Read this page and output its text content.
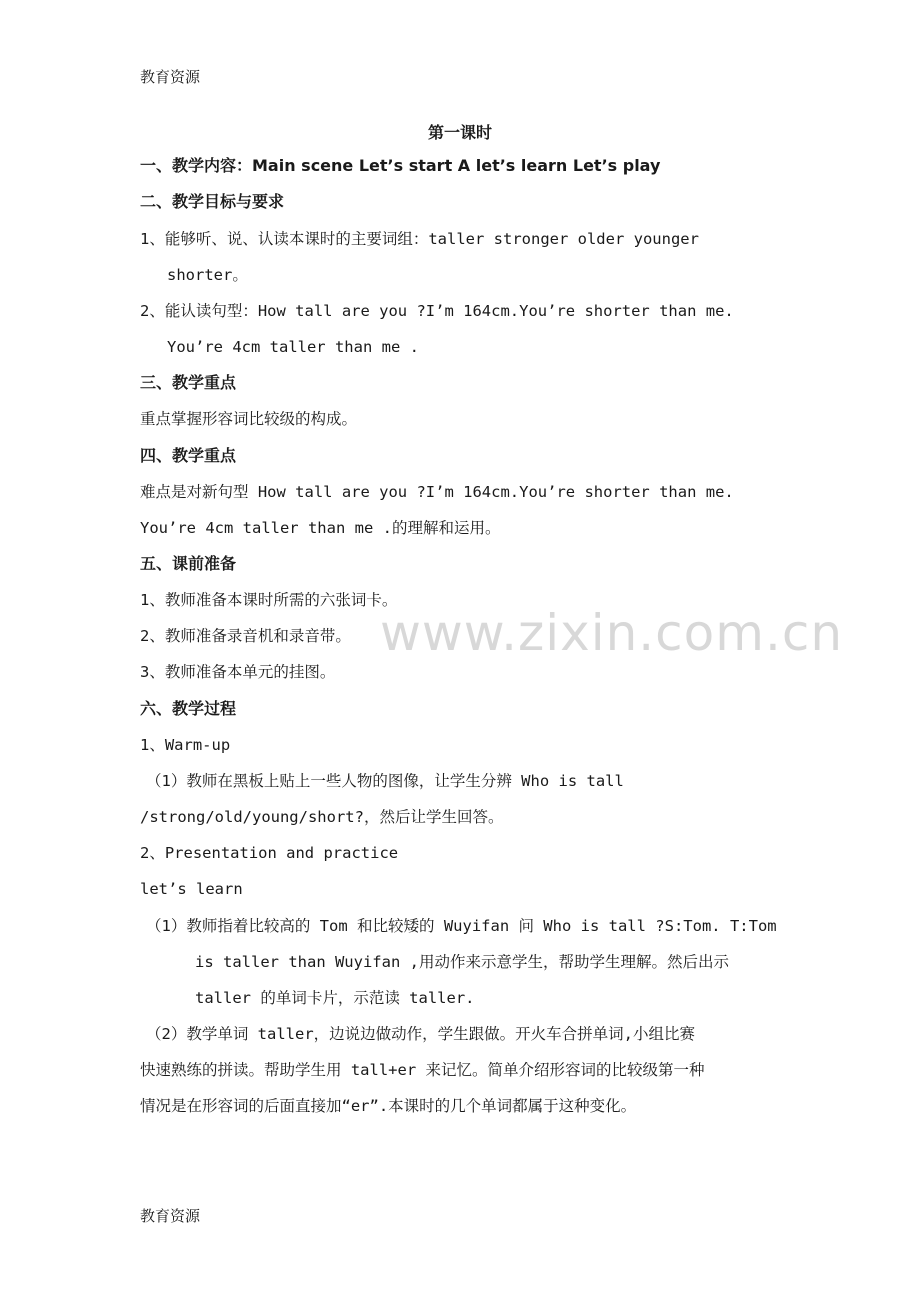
教育资源
第一课时
一、教学内容：Main scene Let’s start A let’s learn Let’s play
二、教学目标与要求
1、能够听、说、认读本课时的主要词组：taller stronger older younger
shorter。
2、能认读句型：How tall are you ?I’m 164cm.You’re shorter than me.
You’re 4cm taller than me .
三、教学重点
重点掌握形容词比较级的构成。
四、教学重点
难点是对新句型 How tall are you ?I’m 164cm.You’re shorter than me.
You’re 4cm taller than me .的理解和运用。
五、课前准备
1、教师准备本课时所需的六张词卡。
2、教师准备录音机和录音带。
3、教师准备本单元的挂图。
六、教学过程
1、Warm-up
（1）教师在黑板上贴上一些人物的图像，让学生分辨 Who is tall
/strong/old/young/short?，然后让学生回答。
2、Presentation and practice
let’s learn
（1）教师指着比较高的 Tom 和比较矮的 Wuyifan 问 Who is tall ?S:Tom. T:Tom
is taller than Wuyifan ,用动作来示意学生，帮助学生理解。然后出示
taller 的单词卡片，示范读 taller.
（2）教学单词 taller，边说边做动作，学生跟做。开火车合拼单词,小组比赛
快速熟练的拼读。帮助学生用 tall+er 来记忆。简单介绍形容词的比较级第一种
情况是在形容词的后面直接加“er”.本课时的几个单词都属于这种变化。
www.zixin.com.cn
教育资源
